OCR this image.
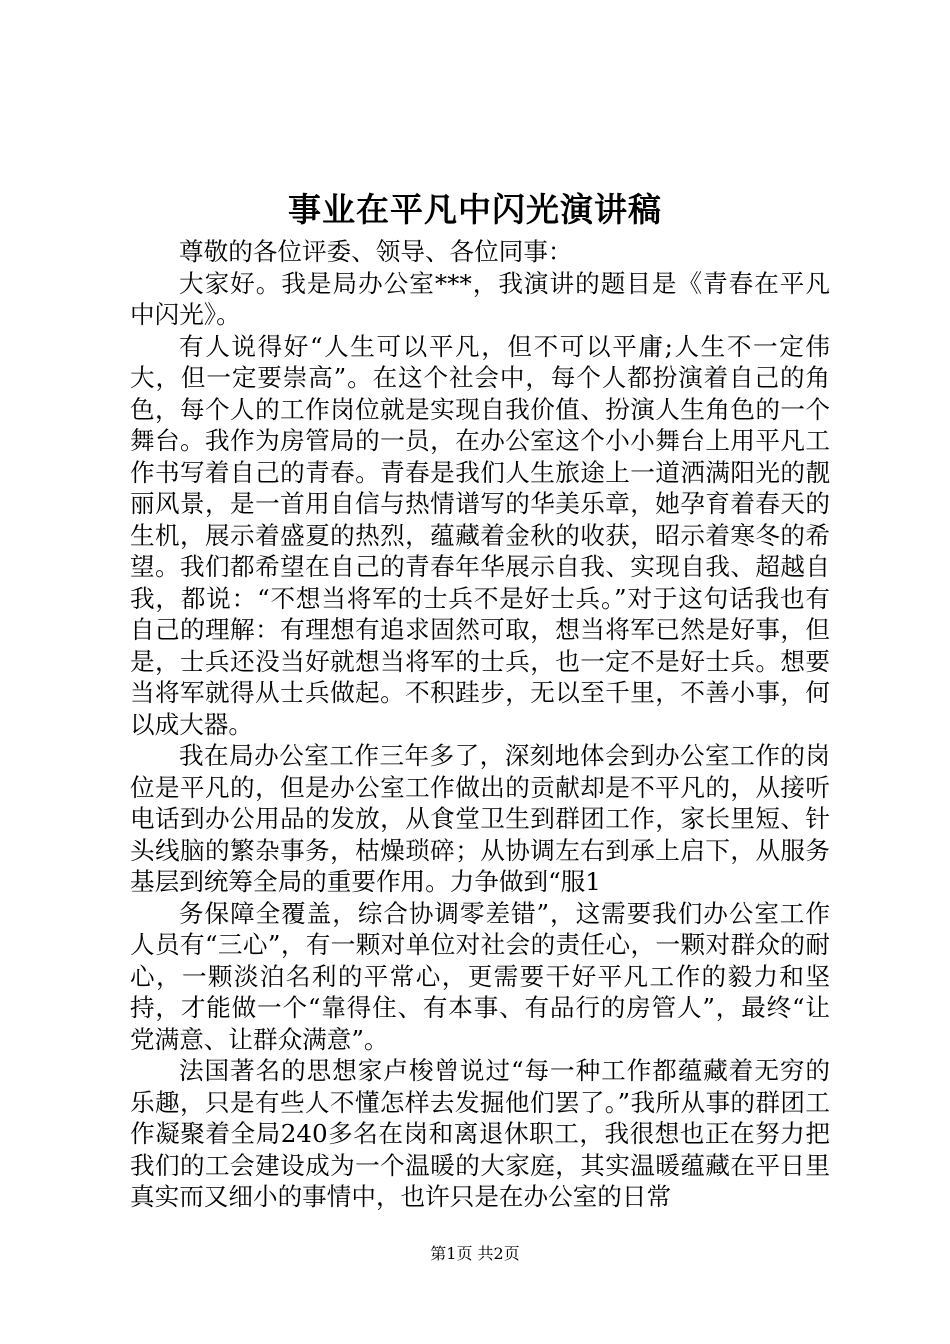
事业在平凡中闪光演讲稿

尊敬的各位评委、领导、各位同事：

大家好。我是局办公室***，我演讲的题目是《青春在平凡中闪光》。

有人说得好“人生可以平凡，但不可以平庸;人生不一定伟大，但一定要崇高”。在这个社会中，每个人都扮演着自己的角色，每个人的工作岗位就是实现自我价值、扮演人生角色的一个舞台。我作为房管局的一员，在办公室这个小小舞台上用平凡工作书写着自己的青春。青春是我们人生旅途上一道洒满阳光的靓丽风景，是一首用自信与热情谱写的华美乐章，她孕育着春天的生机，展示着盛夏的热烈，蕴藏着金秋的收获，昭示着寒冬的希望。我们都希望在自己的青春年华展示自我、实现自我、超越自我，都说：“不想当将军的士兵不是好士兵。”对于这句话我也有自己的理解：有理想有追求固然可取，想当将军已然是好事，但是，士兵还没当好就想当将军的士兵，也一定不是好士兵。想要当将军就得从士兵做起。不积跬步，无以至千里，不善小事，何以成大器。

我在局办公室工作三年多了，深刻地体会到办公室工作的岗位是平凡的，但是办公室工作做出的贡献却是不平凡的，从接听电话到办公用品的发放，从食堂卫生到群团工作，家长里短、针头线脑的繁杂事务，枯燥琐碎；从协调左右到承上启下，从服务基层到统筹全局的重要作用。力争做到“服1

务保障全覆盖，综合协调零差错”，这需要我们办公室工作人员有“三心”，有一颗对单位对社会的责任心，一颗对群众的耐心，一颗淡泊名利的平常心，更需要干好平凡工作的毅力和坚持，才能做一个“靠得住、有本事、有品行的房管人”，最终“让党满意、让群众满意”。

法国著名的思想家卢梭曾说过“每一种工作都蕴藏着无穷的乐趣，只是有些人不懂怎样去发掘他们罢了。”我所从事的群团工作凝聚着全局240多名在岗和离退休职工，我很想也正在努力把我们的工会建设成为一个温暖的大家庭，其实温暖蕴藏在平日里真实而又细小的事情中，也许只是在办公室的日常

第1页 共2页
